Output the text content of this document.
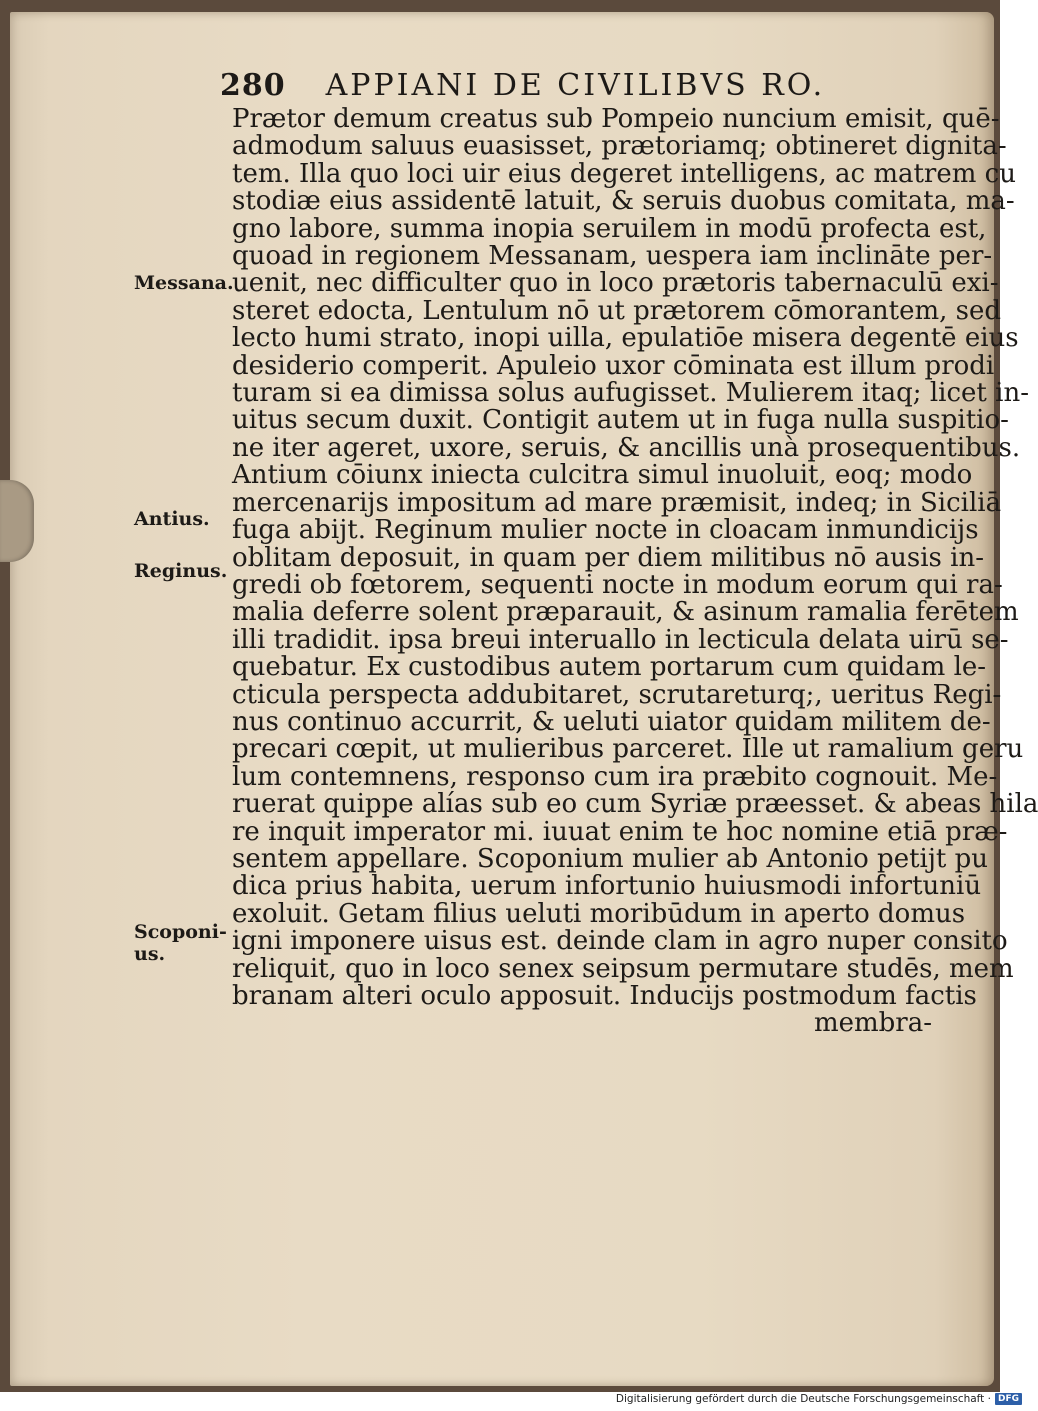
280 APPIANI DE CIVILIBVS RO.
Messana.
Antius.
Reginus.
Scoponi-
us.
Prætor demum creatus sub Pompeio nuncium emisit, quē-
admodum saluus euasisset, prætoriamq; obtineret dignita-
tem. Illa quo loci uir eius degeret intelligens, ac matrem cu
stodiæ eius assidentē latuit, & seruis duobus comitata, ma-
gno labore, summa inopia seruilem in modū profecta est,
quoad in regionem Messanam, uespera iam inclināte per-
uenit, nec difficulter quo in loco prætoris tabernaculū exi-
steret edocta, Lentulum nō ut prætorem cōmorantem, sed
lecto humi strato, inopi uilla, epulatiōe misera degentē eius
desiderio comperit. Apuleio uxor cōminata est illum prodi
turam si ea dimissa solus aufugisset. Mulierem itaq; licet in-
uitus secum duxit. Contigit autem ut in fuga nulla suspitio-
ne iter ageret, uxore, seruis, & ancillis unà prosequentibus.
Antium cōiunx iniecta culcitra simul inuoluit, eoq; modo
mercenarijs impositum ad mare præmisit, indeq; in Siciliā
fuga abijt. Reginum mulier nocte in cloacam inmundicijs
oblitam deposuit, in quam per diem militibus nō ausis in-
gredi ob fœtorem, sequenti nocte in modum eorum qui ra-
malia deferre solent præparauit, & asinum ramalia ferētem
illi tradidit. ipsa breui interuallo in lecticula delata uirū se-
quebatur. Ex custodibus autem portarum cum quidam le-
cticula perspecta addubitaret, scrutareturq;, ueritus Regi-
nus continuo accurrit, & ueluti uiator quidam militem de-
precari cœpit, ut mulieribus parceret. Ille ut ramalium geru
lum contemnens, responso cum ira præbito cognouit. Me-
ruerat quippe alías sub eo cum Syriæ præesset. & abeas hila
re inquit imperator mi. iuuat enim te hoc nomine etiā præ-
sentem appellare. Scoponium mulier ab Antonio petijt pu
dica prius habita, uerum infortunio huiusmodi infortuniū
exoluit. Getam filius ueluti moribūdum in aperto domus
igni imponere uisus est. deinde clam in agro nuper consito
reliquit, quo in loco senex seipsum permutare studēs, mem
branam alteri oculo apposuit. Inducijs postmodum factis
membra-
Digitalisierung gefördert durch die Deutsche Forschungsgemeinschaft · DFG
